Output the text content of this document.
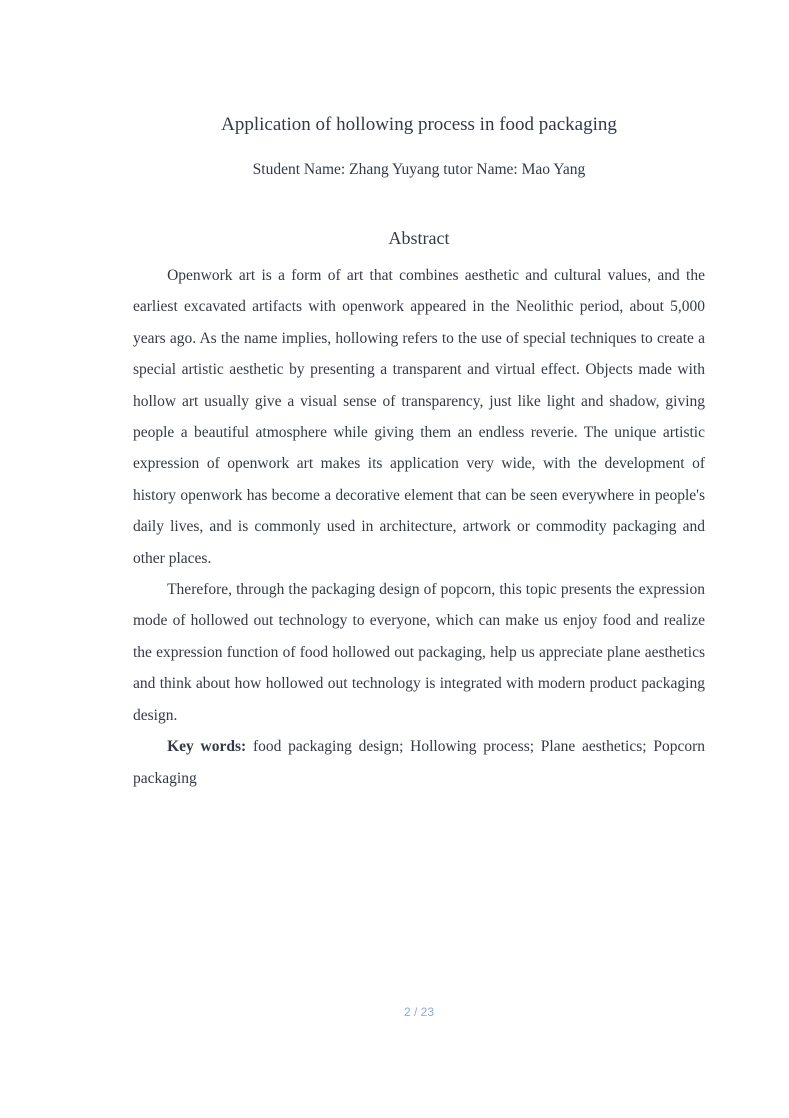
Application of hollowing process in food packaging
Student Name: Zhang Yuyang tutor Name: Mao Yang
Abstract

Openwork art is a form of art that combines aesthetic and cultural values, and the earliest excavated artifacts with openwork appeared in the Neolithic period, about 5,000 years ago. As the name implies, hollowing refers to the use of special techniques to create a special artistic aesthetic by presenting a transparent and virtual effect. Objects made with hollow art usually give a visual sense of transparency, just like light and shadow, giving people a beautiful atmosphere while giving them an endless reverie. The unique artistic expression of openwork art makes its application very wide, with the development of history openwork has become a decorative element that can be seen everywhere in people's daily lives, and is commonly used in architecture, artwork or commodity packaging and other places.

Therefore, through the packaging design of popcorn, this topic presents the expression mode of hollowed out technology to everyone, which can make us enjoy food and realize the expression function of food hollowed out packaging, help us appreciate plane aesthetics and think about how hollowed out technology is integrated with modern product packaging design.

Key words: food packaging design; Hollowing process; Plane aesthetics; Popcorn packaging

2 / 23
